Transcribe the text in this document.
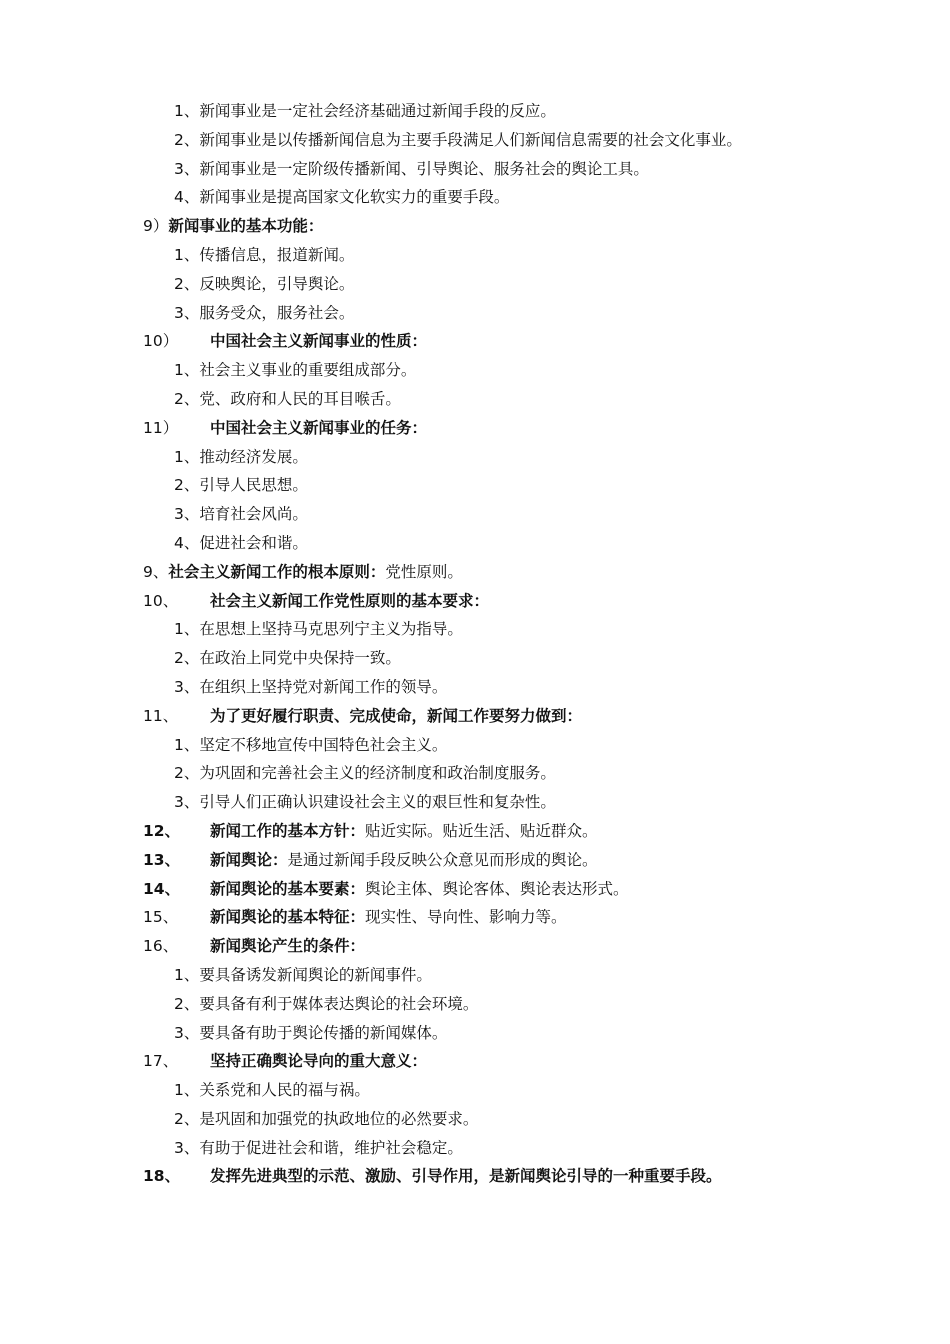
1、新闻事业是一定社会经济基础通过新闻手段的反应。
2、新闻事业是以传播新闻信息为主要手段满足人们新闻信息需要的社会文化事业。
3、新闻事业是一定阶级传播新闻、引导舆论、服务社会的舆论工具。
4、新闻事业是提高国家文化软实力的重要手段。
9）新闻事业的基本功能：
1、传播信息，报道新闻。
2、反映舆论，引导舆论。
3、服务受众，服务社会。
10） 中国社会主义新闻事业的性质：
1、社会主义事业的重要组成部分。
2、党、政府和人民的耳目喉舌。
11） 中国社会主义新闻事业的任务：
1、推动经济发展。
2、引导人民思想。
3、培育社会风尚。
4、促进社会和谐。
9、社会主义新闻工作的根本原则：党性原则。
10、 社会主义新闻工作党性原则的基本要求：
1、在思想上坚持马克思列宁主义为指导。
2、在政治上同党中央保持一致。
3、在组织上坚持党对新闻工作的领导。
11、 为了更好履行职责、完成使命，新闻工作要努力做到：
1、坚定不移地宣传中国特色社会主义。
2、为巩固和完善社会主义的经济制度和政治制度服务。
3、引导人们正确认识建设社会主义的艰巨性和复杂性。
12、 新闻工作的基本方针：贴近实际。贴近生活、贴近群众。
13、 新闻舆论：是通过新闻手段反映公众意见而形成的舆论。
14、 新闻舆论的基本要素：舆论主体、舆论客体、舆论表达形式。
15、 新闻舆论的基本特征：现实性、导向性、影响力等。
16、 新闻舆论产生的条件：
1、要具备诱发新闻舆论的新闻事件。
2、要具备有利于媒体表达舆论的社会环境。
3、要具备有助于舆论传播的新闻媒体。
17、 坚持正确舆论导向的重大意义：
1、关系党和人民的福与祸。
2、是巩固和加强党的执政地位的必然要求。
3、有助于促进社会和谐，维护社会稳定。
18、 发挥先进典型的示范、激励、引导作用，是新闻舆论引导的一种重要手段。
